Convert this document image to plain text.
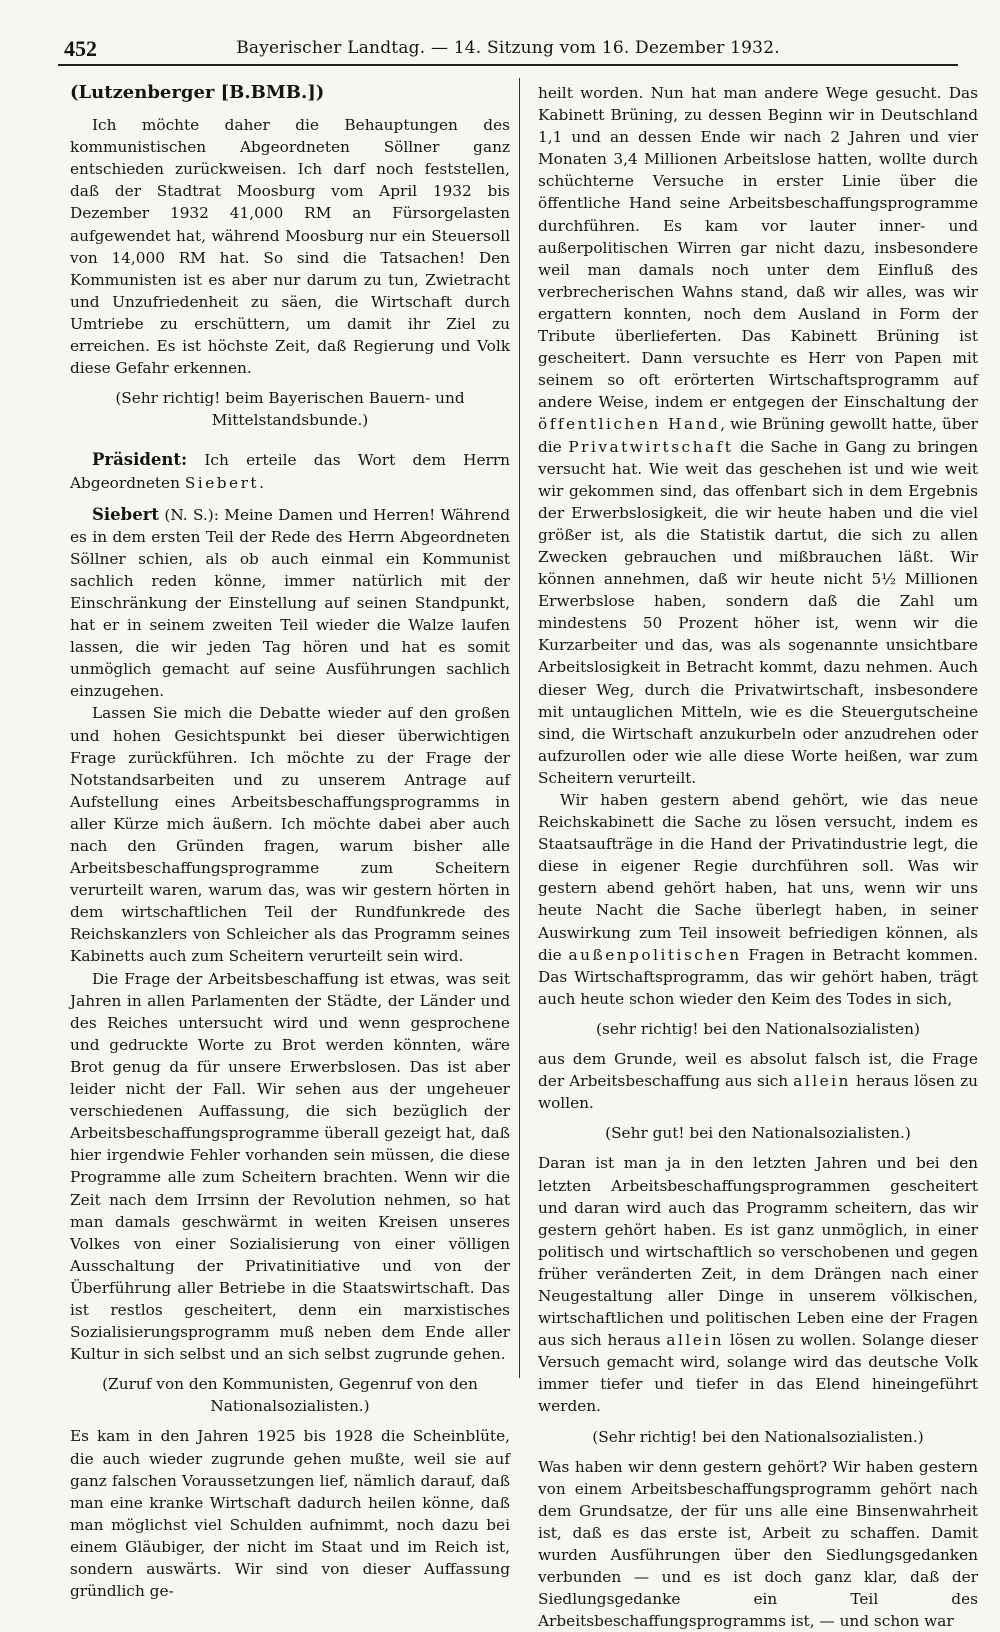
452	Bayerischer Landtag. — 14. Sitzung vom 16. Dezember 1932.

(Lutzenberger [B.BMB.])

Ich möchte daher die Behauptungen des kommunistischen Abgeordneten Söllner ganz entschieden zurückweisen. Ich darf noch feststellen, daß der Stadtrat Moosburg vom April 1932 bis Dezember 1932 41,000 RM an Fürsorgelasten aufgewendet hat, während Moosburg nur ein Steuersoll von 14,000 RM hat. So sind die Tatsachen! Den Kommunisten ist es aber nur darum zu tun, Zwietracht und Unzufriedenheit zu säen, die Wirtschaft durch Umtriebe zu erschüttern, um damit ihr Ziel zu erreichen. Es ist höchste Zeit, daß Regierung und Volk diese Gefahr erkennen.

(Sehr richtig! beim Bayerischen Bauern- und Mittelstandsbunde.)

Präsident: Ich erteile das Wort dem Herrn Abgeordneten Siebert.

Siebert (N. S.): Meine Damen und Herren! Während es in dem ersten Teil der Rede des Herrn Abgeordneten Söllner schien, als ob auch einmal ein Kommunist sachlich reden könne, immer natürlich mit der Einschränkung der Einstellung auf seinen Standpunkt, hat er in seinem zweiten Teil wieder die Walze laufen lassen, die wir jeden Tag hören und hat es somit unmöglich gemacht auf seine Ausführungen sachlich einzugehen.

Lassen Sie mich die Debatte wieder auf den großen und hohen Gesichtspunkt bei dieser überwichtigen Frage zurückführen. Ich möchte zu der Frage der Notstandsarbeiten und zu unserem Antrage auf Aufstellung eines Arbeitsbeschaffungsprogramms in aller Kürze mich äußern. Ich möchte dabei aber auch nach den Gründen fragen, warum bisher alle Arbeitsbeschaffungsprogramme zum Scheitern verurteilt waren, warum das, was wir gestern hörten in dem wirtschaftlichen Teil der Rundfunkrede des Reichskanzlers von Schleicher als das Programm seines Kabinetts auch zum Scheitern verurteilt sein wird.

Die Frage der Arbeitsbeschaffung ist etwas, was seit Jahren in allen Parlamenten der Städte, der Länder und des Reiches untersucht wird und wenn gesprochene und gedruckte Worte zu Brot werden könnten, wäre Brot genug da für unsere Erwerbslosen. Das ist aber leider nicht der Fall. Wir sehen aus der ungeheuer verschiedenen Auffassung, die sich bezüglich der Arbeitsbeschaffungsprogramme überall gezeigt hat, daß hier irgendwie Fehler vorhanden sein müssen, die diese Programme alle zum Scheitern brachten. Wenn wir die Zeit nach dem Irrsinn der Revolution nehmen, so hat man damals geschwärmt in weiten Kreisen unseres Volkes von einer Sozialisierung von einer völligen Ausschaltung der Privatinitiative und von der Überführung aller Betriebe in die Staatswirtschaft. Das ist restlos gescheitert, denn ein marxistisches Sozialisierungsprogramm muß neben dem Ende aller Kultur in sich selbst und an sich selbst zugrunde gehen.

(Zuruf von den Kommunisten, Gegenruf von den Nationalsozialisten.)

Es kam in den Jahren 1925 bis 1928 die Scheinblüte, die auch wieder zugrunde gehen mußte, weil sie auf ganz falschen Voraussetzungen lief, nämlich darauf, daß man eine kranke Wirtschaft dadurch heilen könne, daß man möglichst viel Schulden aufnimmt, noch dazu bei einem Gläubiger, der nicht im Staat und im Reich ist, sondern auswärts. Wir sind von dieser Auffassung gründlich ge-

heilt worden. Nun hat man andere Wege gesucht. Das Kabinett Brüning, zu dessen Beginn wir in Deutschland 1,1 und an dessen Ende wir nach 2 Jahren und vier Monaten 3,4 Millionen Arbeitslose hatten, wollte durch schüchterne Versuche in erster Linie über die öffentliche Hand seine Arbeitsbeschaffungsprogramme durchführen. Es kam vor lauter inner- und außerpolitischen Wirren gar nicht dazu, insbesondere weil man damals noch unter dem Einfluß des verbrecherischen Wahns stand, daß wir alles, was wir ergattern konnten, noch dem Ausland in Form der Tribute überlieferten. Das Kabinett Brüning ist gescheitert. Dann versuchte es Herr von Papen mit seinem so oft erörterten Wirtschaftsprogramm auf andere Weise, indem er entgegen der Einschaltung der öffentlichen Hand, wie Brüning gewollt hatte, über die Privatwirtschaft die Sache in Gang zu bringen versucht hat. Wie weit das geschehen ist und wie weit wir gekommen sind, das offenbart sich in dem Ergebnis der Erwerbslosigkeit, die wir heute haben und die viel größer ist, als die Statistik dartut, die sich zu allen Zwecken gebrauchen und mißbrauchen läßt. Wir können annehmen, daß wir heute nicht 5½ Millionen Erwerbslose haben, sondern daß die Zahl um mindestens 50 Prozent höher ist, wenn wir die Kurzarbeiter und das, was als sogenannte unsichtbare Arbeitslosigkeit in Betracht kommt, dazu nehmen. Auch dieser Weg, durch die Privatwirtschaft, insbesondere mit untauglichen Mitteln, wie es die Steuergutscheine sind, die Wirtschaft anzukurbeln oder anzudrehen oder aufzurollen oder wie alle diese Worte heißen, war zum Scheitern verurteilt.

Wir haben gestern abend gehört, wie das neue Reichskabinett die Sache zu lösen versucht, indem es Staatsaufträge in die Hand der Privatindustrie legt, die diese in eigener Regie durchführen soll. Was wir gestern abend gehört haben, hat uns, wenn wir uns heute Nacht die Sache überlegt haben, in seiner Auswirkung zum Teil insoweit befriedigen können, als die außenpolitischen Fragen in Betracht kommen. Das Wirtschaftsprogramm, das wir gehört haben, trägt auch heute schon wieder den Keim des Todes in sich,

(sehr richtig! bei den Nationalsozialisten)

aus dem Grunde, weil es absolut falsch ist, die Frage der Arbeitsbeschaffung aus sich allein heraus lösen zu wollen.

(Sehr gut! bei den Nationalsozialisten.)

Daran ist man ja in den letzten Jahren und bei den letzten Arbeitsbeschaffungsprogrammen gescheitert und daran wird auch das Programm scheitern, das wir gestern gehört haben. Es ist ganz unmöglich, in einer politisch und wirtschaftlich so verschobenen und gegen früher veränderten Zeit, in dem Drängen nach einer Neugestaltung aller Dinge in unserem völkischen, wirtschaftlichen und politischen Leben eine der Fragen aus sich heraus allein lösen zu wollen. Solange dieser Versuch gemacht wird, solange wird das deutsche Volk immer tiefer und tiefer in das Elend hineingeführt werden.

(Sehr richtig! bei den Nationalsozialisten.)

Was haben wir denn gestern gehört? Wir haben gestern von einem Arbeitsbeschaffungsprogramm gehört nach dem Grundsatze, der für uns alle eine Binsenwahrheit ist, daß es das erste ist, Arbeit zu schaffen. Damit wurden Ausführungen über den Siedlungsgedanken verbunden — und es ist doch ganz klar, daß der Siedlungsgedanke ein Teil des Arbeitsbeschaffungsprogramms ist, — und schon war
